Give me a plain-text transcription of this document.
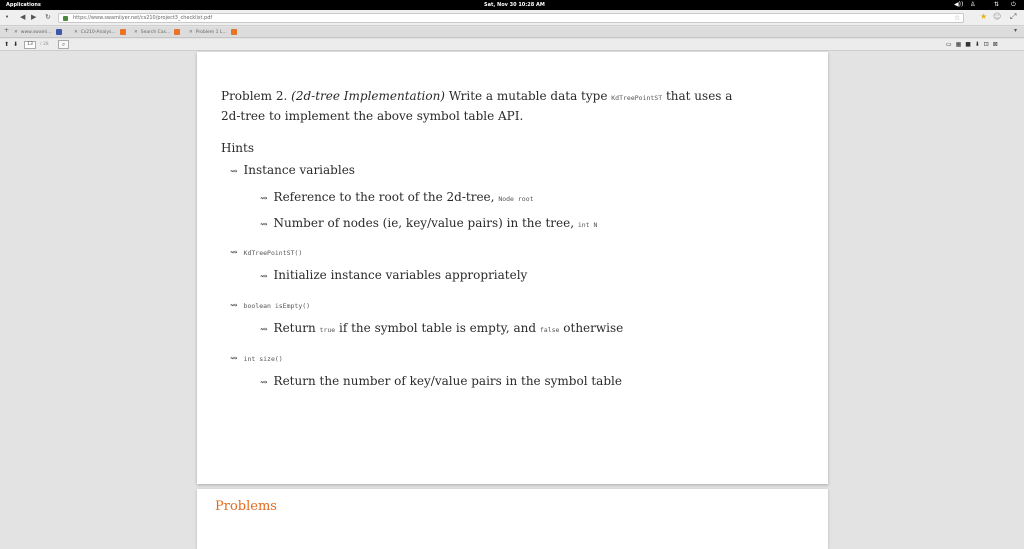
Applications	Sat, Nov 30 10:28 AM	◀)) ♙	⇅ ⏻
• ◀ ▶ ↻	https://www.swamiiyer.net/cs210/project3_checklist.pdf	☆ ★ ☺ ⤢
+ ✕ www.swami...	✕ Cs210-Analys...	✕ Search Cas...	✕ Problem 1 L...	▾
⬆ ⬇	13	/ 28	⌕	▭ ▦ ■ ⬇ ⊡ ⊠
Problem 2. (2d-tree Implementation) Write a mutable data type KdTreePointST that uses a
2d-tree to implement the above symbol table API.
Hints
⇝ Instance variables
⇝ Reference to the root of the 2d-tree, Node root
⇝ Number of nodes (ie, key/value pairs) in the tree, int N
⇝ KdTreePointST()
⇝ Initialize instance variables appropriately
⇝ boolean isEmpty()
⇝ Return true if the symbol table is empty, and false otherwise
⇝ int size()
⇝ Return the number of key/value pairs in the symbol table
Problems
